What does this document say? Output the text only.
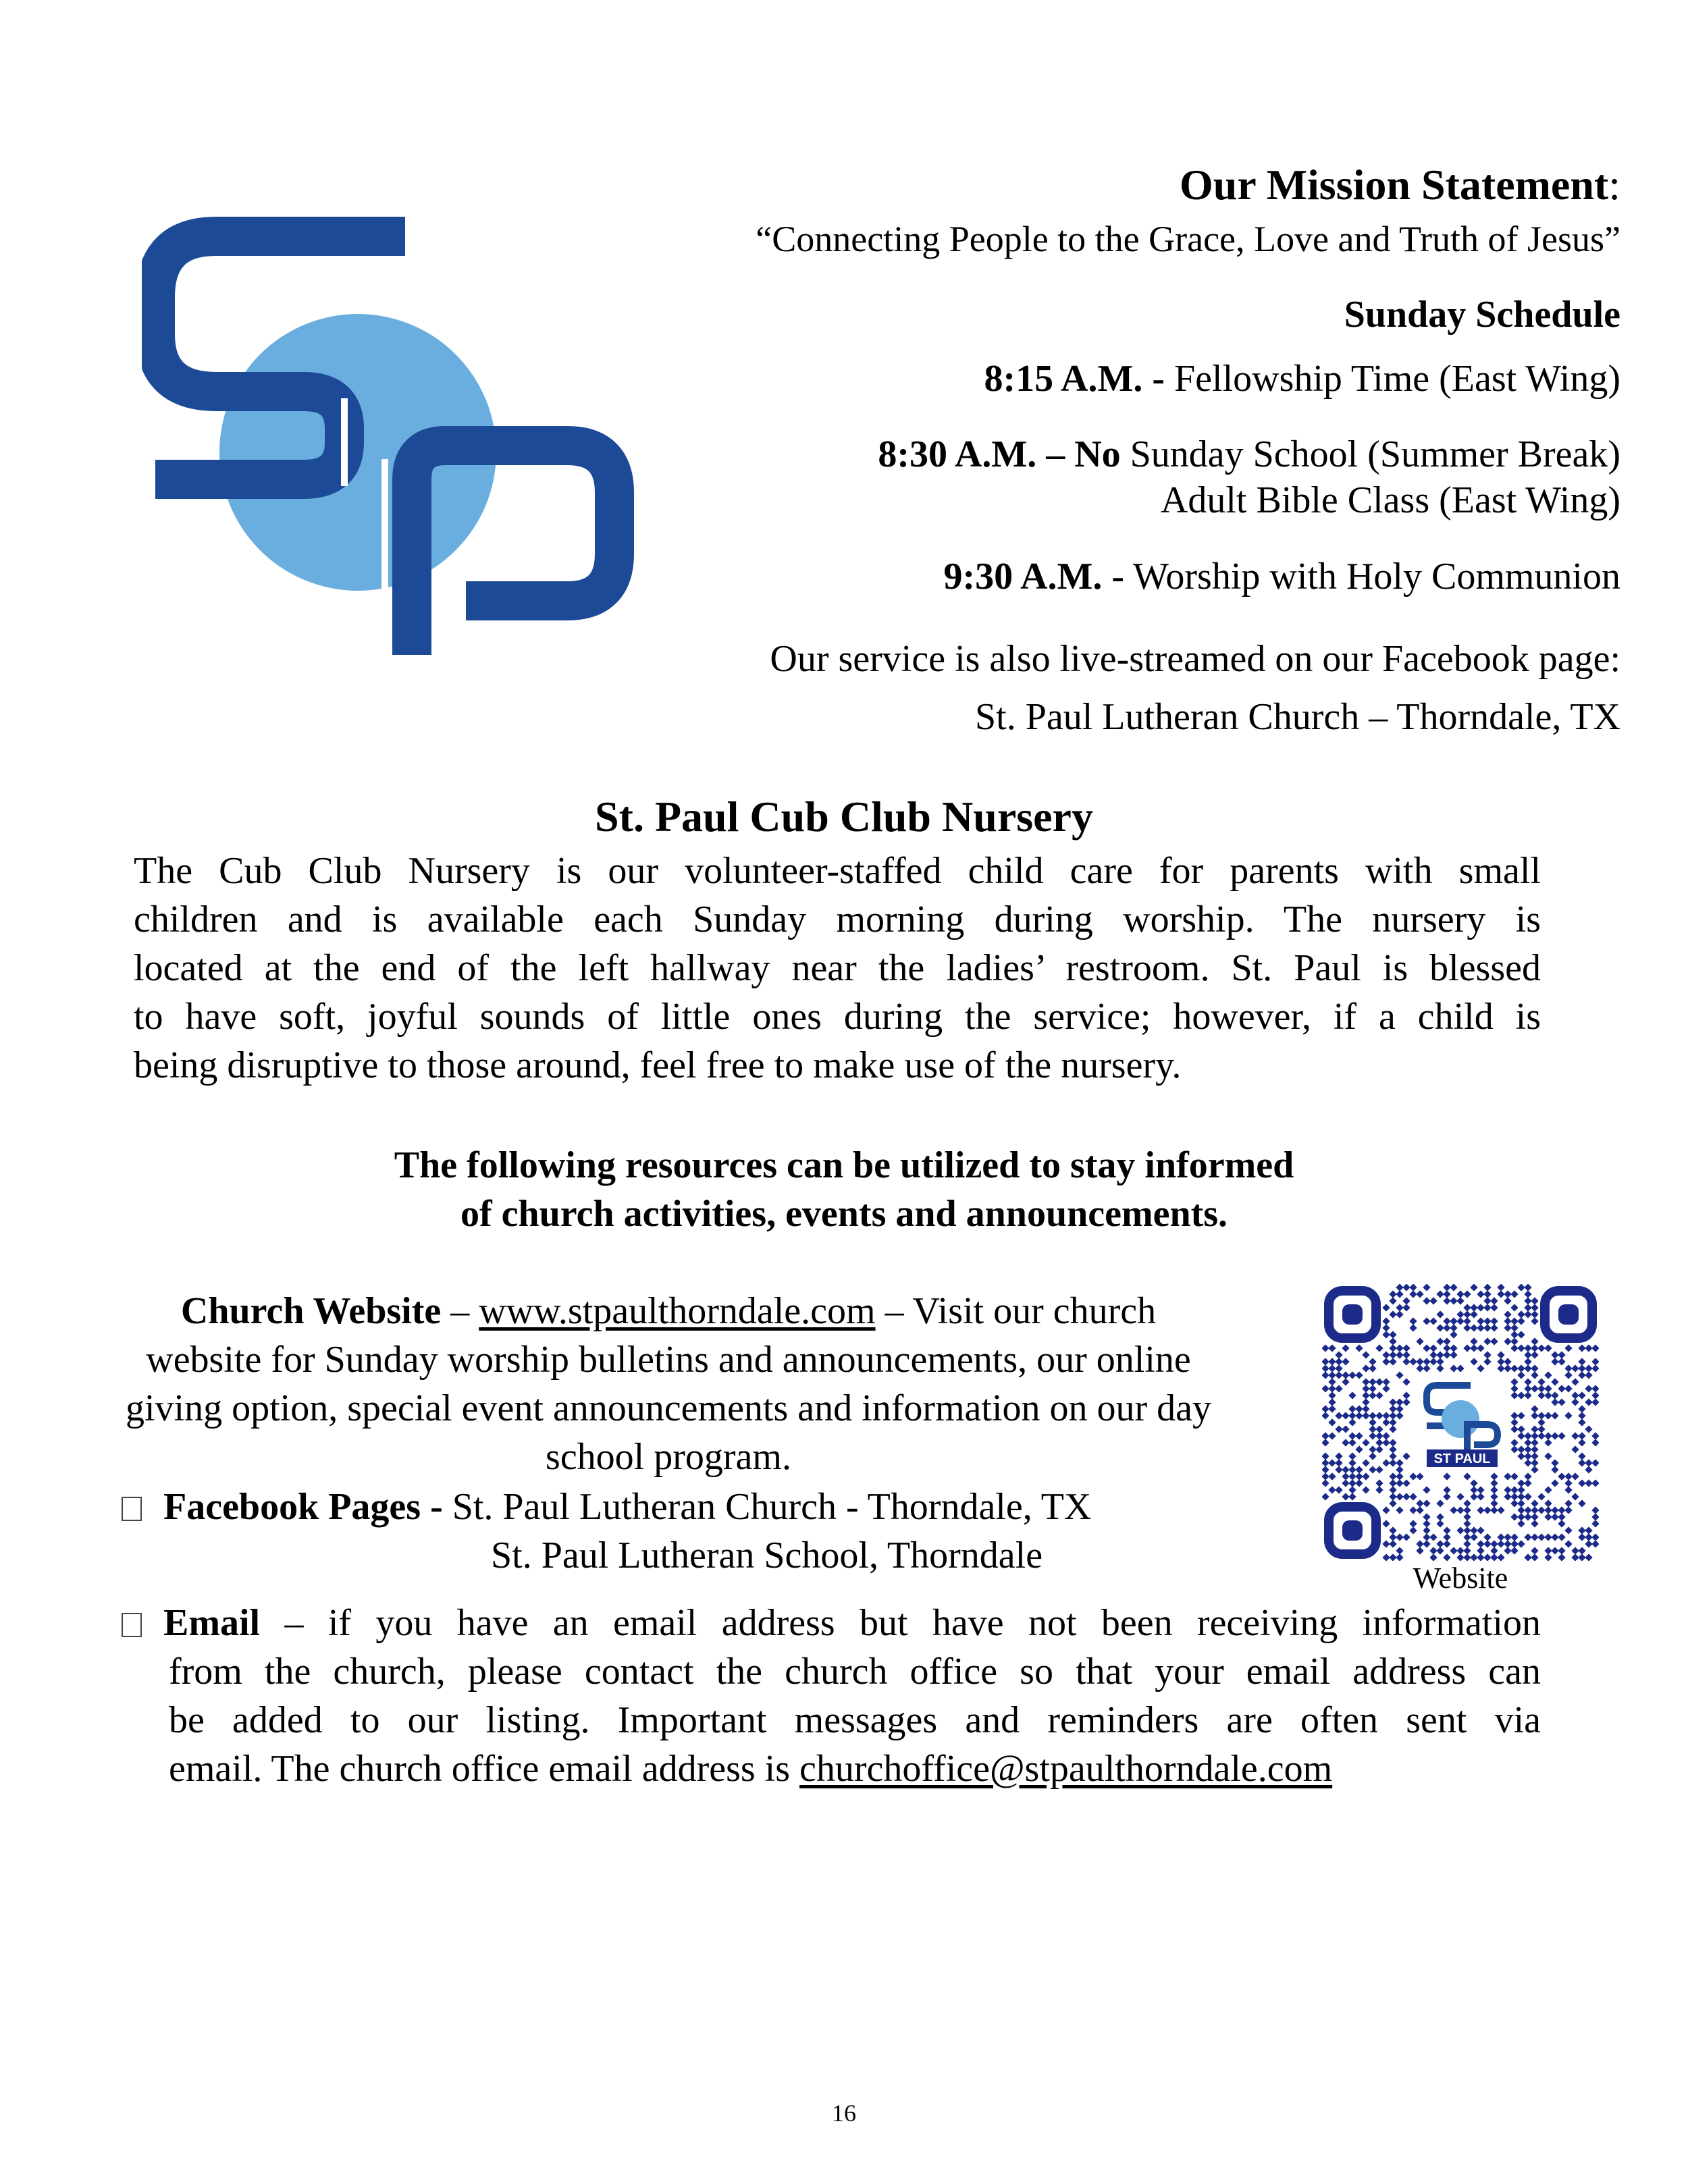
Our Mission Statement:
“Connecting People to the Grace, Love and Truth of Jesus”
Sunday Schedule
8:15 A.M. - Fellowship Time (East Wing)
8:30 A.M. – No Sunday School (Summer Break)
Adult Bible Class (East Wing)
9:30 A.M. - Worship with Holy Communion
Our service is also live-streamed on our Facebook page:
St. Paul Lutheran Church – Thorndale, TX
St. Paul Cub Club Nursery
The Cub Club Nursery is our volunteer-staffed child care for parents with small
children and is available each Sunday morning during worship. The nursery is
located at the end of the left hallway near the ladies’ restroom. St. Paul is blessed
to have soft, joyful sounds of little ones during the service; however, if a child is
being disruptive to those around, feel free to make use of the nursery.
The following resources can be utilized to stay informed
of church activities, events and announcements.
Church Website – www.stpaulthorndale.com – Visit our church
website for Sunday worship bulletins and announcements, our online
giving option, special event announcements and information on our day
school program.
Facebook Pages - St. Paul Lutheran Church - Thorndale, TX
St. Paul Lutheran School, Thorndale
ST PAUL
Website
Email – if you have an email address but have not been receiving information
from the church, please contact the church office so that your email address can
be added to our listing. Important messages and reminders are often sent via
email. The church office email address is churchoffice@stpaulthorndale.com
16
